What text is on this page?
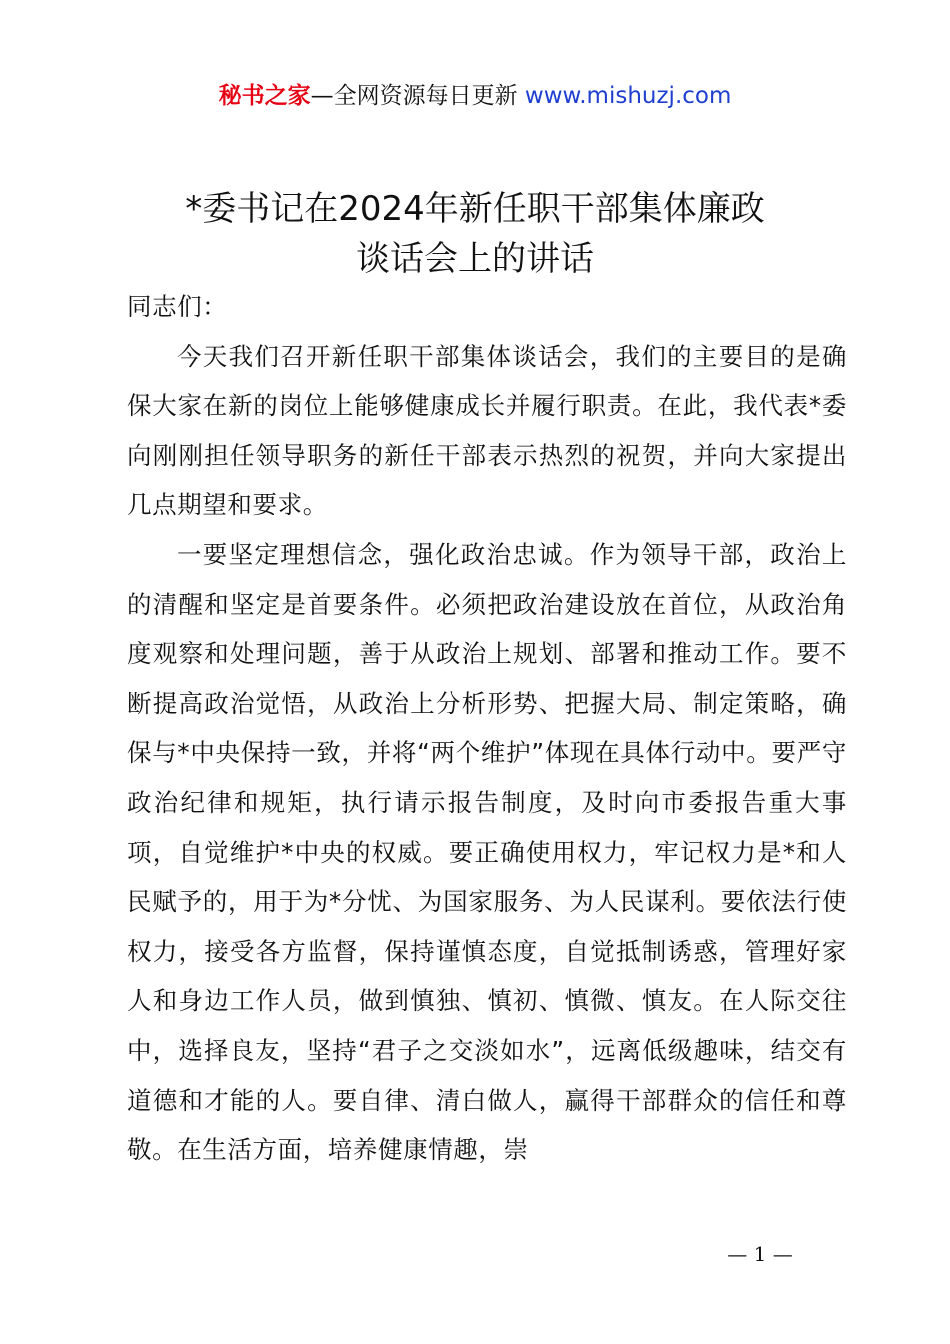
秘书之家—全网资源每日更新 www.mishuzj.com
*委书记在2024年新任职干部集体廉政
谈话会上的讲话

同志们：

今天我们召开新任职干部集体谈话会，我们的主要目的是确保大家在新的岗位上能够健康成长并履行职责。在此，我代表*委向刚刚担任领导职务的新任干部表示热烈的祝贺，并向大家提出几点期望和要求。

一要坚定理想信念，强化政治忠诚。作为领导干部，政治上的清醒和坚定是首要条件。必须把政治建设放在首位，从政治角度观察和处理问题，善于从政治上规划、部署和推动工作。要不断提高政治觉悟，从政治上分析形势、把握大局、制定策略，确保与*中央保持一致，并将“两个维护”体现在具体行动中。要严守政治纪律和规矩，执行请示报告制度，及时向市委报告重大事项，自觉维护*中央的权威。要正确使用权力，牢记权力是*和人民赋予的，用于为*分忧、为国家服务、为人民谋利。要依法行使权力，接受各方监督，保持谨慎态度，自觉抵制诱惑，管理好家人和身边工作人员，做到慎独、慎初、慎微、慎友。在人际交往中，选择良友，坚持“君子之交淡如水”，远离低级趣味，结交有道德和才能的人。要自律、清白做人，赢得干部群众的信任和尊敬。在生活方面，培养健康情趣，崇

— 1 —
